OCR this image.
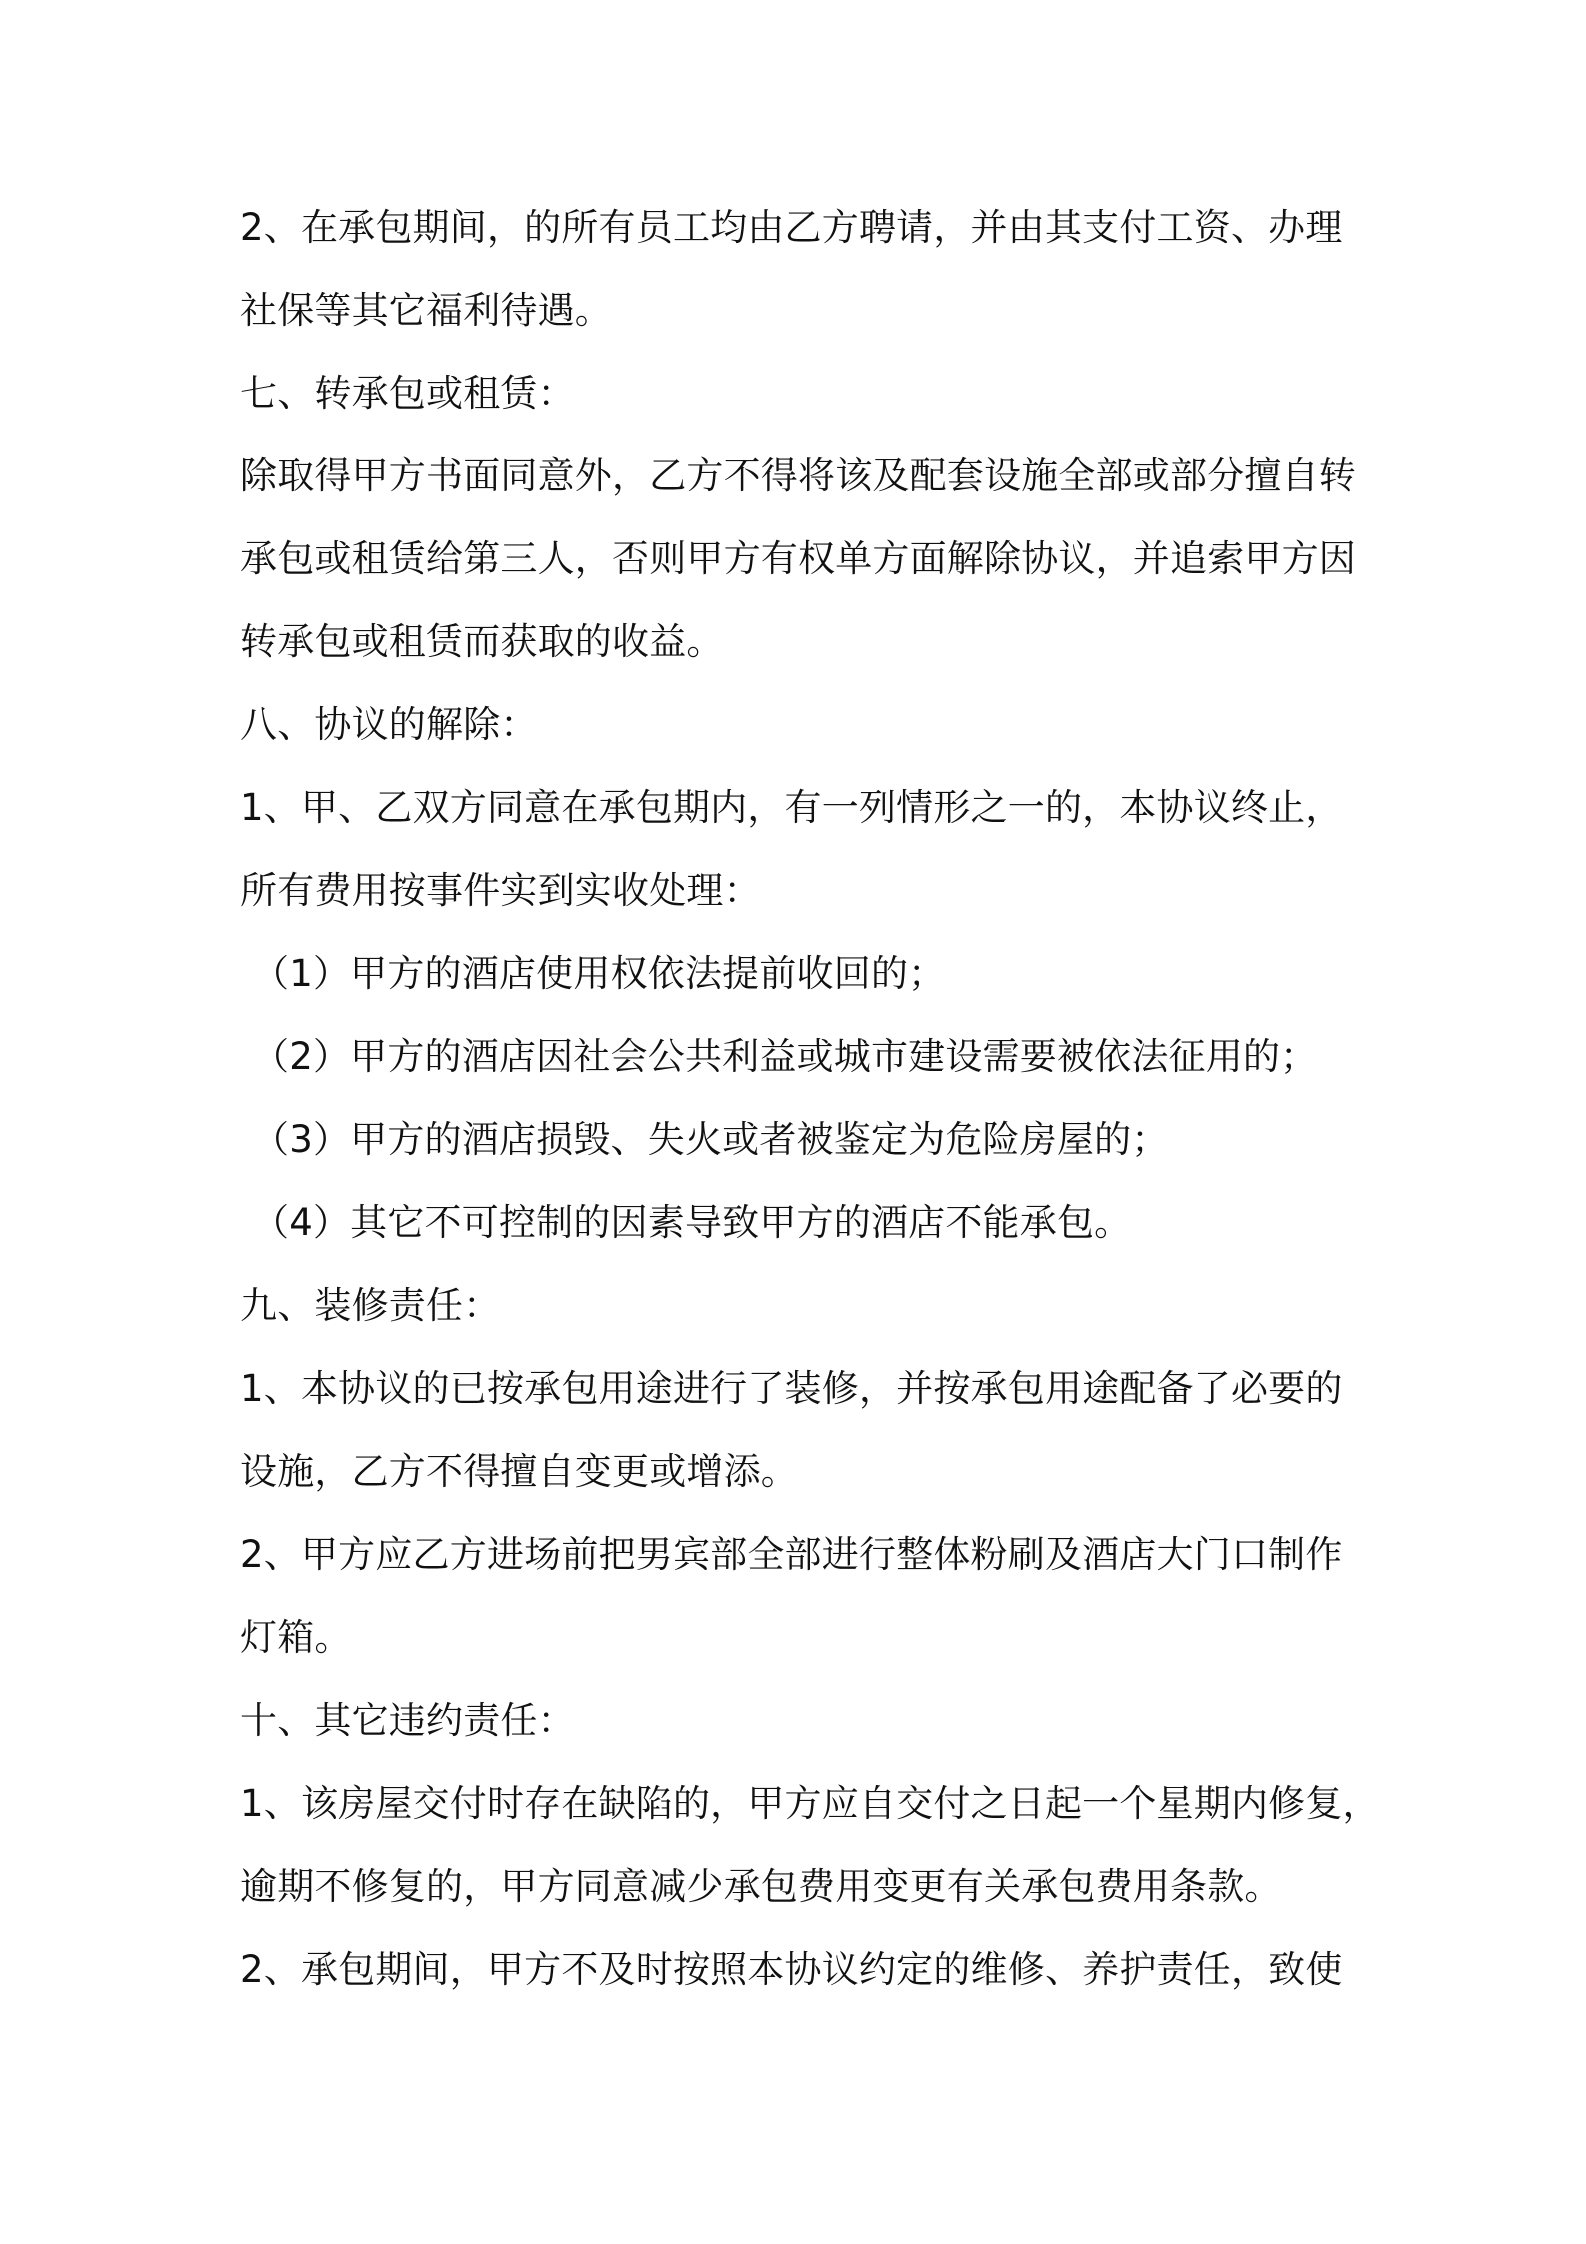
2、在承包期间，的所有员工均由乙方聘请，并由其支付工资、办理

社保等其它福利待遇。

七、转承包或租赁：

除取得甲方书面同意外，乙方不得将该及配套设施全部或部分擅自转

承包或租赁给第三人，否则甲方有权单方面解除协议，并追索甲方因

转承包或租赁而获取的收益。

八、协议的解除：

1、甲、乙双方同意在承包期内，有一列情形之一的，本协议终止，

所有费用按事件实到实收处理：

（1）甲方的酒店使用权依法提前收回的；

（2）甲方的酒店因社会公共利益或城市建设需要被依法征用的；

（3）甲方的酒店损毁、失火或者被鉴定为危险房屋的；

（4）其它不可控制的因素导致甲方的酒店不能承包。

九、装修责任：

1、本协议的已按承包用途进行了装修，并按承包用途配备了必要的

设施，乙方不得擅自变更或增添。

2、甲方应乙方进场前把男宾部全部进行整体粉刷及酒店大门口制作

灯箱。

十、其它违约责任：

1、该房屋交付时存在缺陷的，甲方应自交付之日起一个星期内修复，

逾期不修复的，甲方同意减少承包费用变更有关承包费用条款。

2、承包期间，甲方不及时按照本协议约定的维修、养护责任，致使
